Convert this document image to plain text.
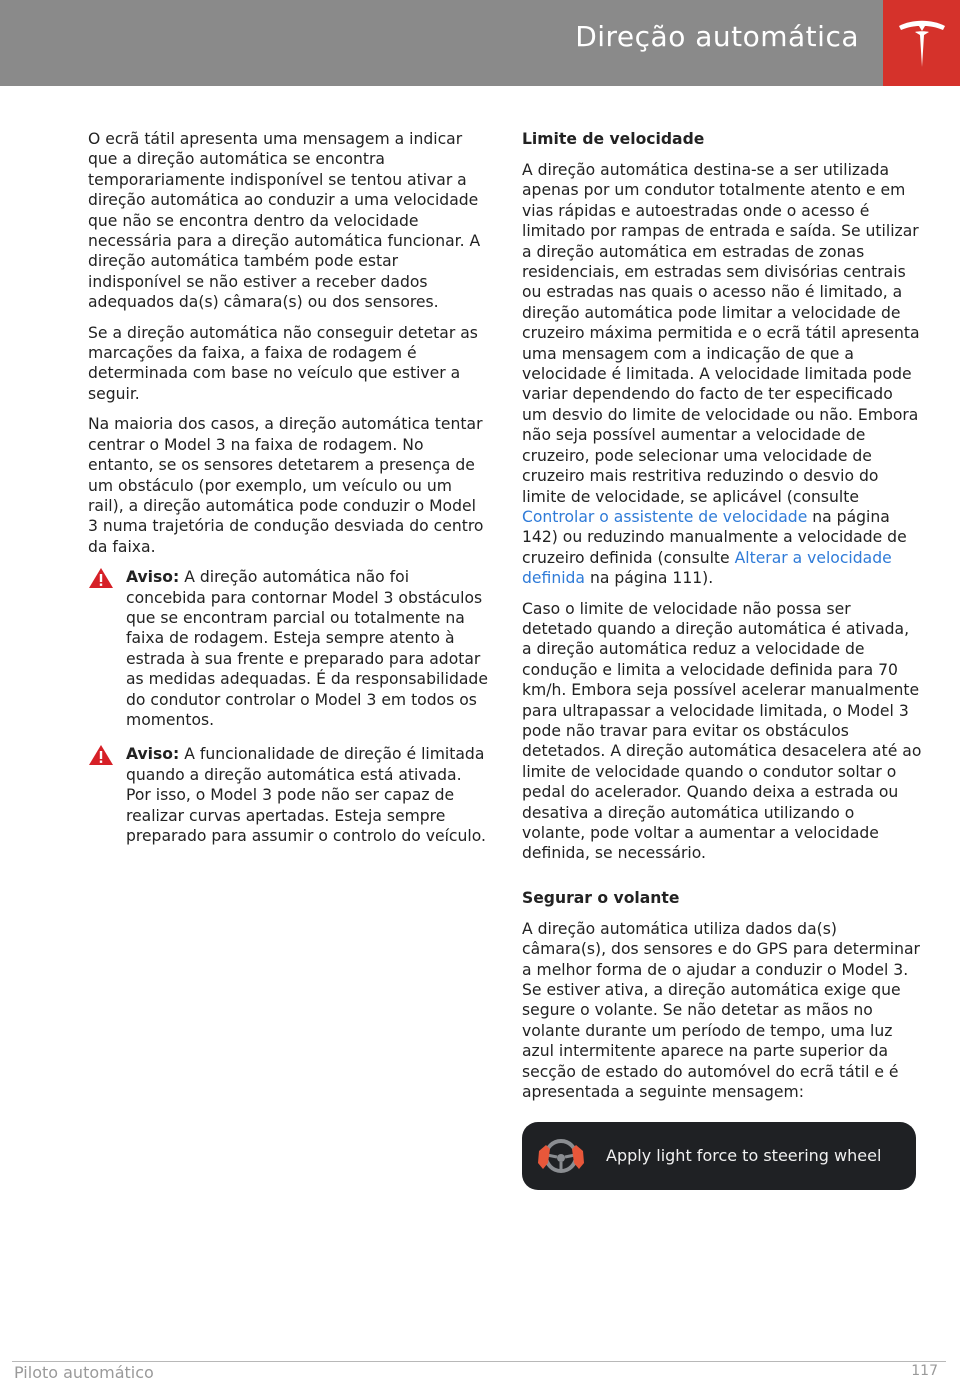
Direção automática

O ecrã tátil apresenta uma mensagem a indicar que a direção automática se encontra temporariamente indisponível se tentou ativar a direção automática ao conduzir a uma velocidade que não se encontra dentro da velocidade necessária para a direção automática funcionar. A direção automática também pode estar indisponível se não estiver a receber dados adequados da(s) câmara(s) ou dos sensores.

Se a direção automática não conseguir detetar as marcações da faixa, a faixa de rodagem é determinada com base no veículo que estiver a seguir.

Na maioria dos casos, a direção automática tentar centrar o Model 3 na faixa de rodagem. No entanto, se os sensores detetarem a presença de um obstáculo (por exemplo, um veículo ou um rail), a direção automática pode conduzir o Model 3 numa trajetória de condução desviada do centro da faixa.

Aviso: A direção automática não foi concebida para contornar Model 3 obstáculos que se encontram parcial ou totalmente na faixa de rodagem. Esteja sempre atento à estrada à sua frente e preparado para adotar as medidas adequadas. É da responsabilidade do condutor controlar o Model 3 em todos os momentos.
Aviso: A funcionalidade de direção é limitada quando a direção automática está ativada. Por isso, o Model 3 pode não ser capaz de realizar curvas apertadas. Esteja sempre preparado para assumir o controlo do veículo.
Limite de velocidade

A direção automática destina-se a ser utilizada apenas por um condutor totalmente atento e em vias rápidas e autoestradas onde o acesso é limitado por rampas de entrada e saída. Se utilizar a direção automática em estradas de zonas residenciais, em estradas sem divisórias centrais ou estradas nas quais o acesso não é limitado, a direção automática pode limitar a velocidade de cruzeiro máxima permitida e o ecrã tátil apresenta uma mensagem com a indicação de que a velocidade é limitada. A velocidade limitada pode variar dependendo do facto de ter especificado um desvio do limite de velocidade ou não. Embora não seja possível aumentar a velocidade de cruzeiro, pode selecionar uma velocidade de cruzeiro mais restritiva reduzindo o desvio do limite de velocidade, se aplicável (consulte Controlar o assistente de velocidade na página 142) ou reduzindo manualmente a velocidade de cruzeiro definida (consulte Alterar a velocidade definida na página 111).

Caso o limite de velocidade não possa ser detetado quando a direção automática é ativada, a direção automática reduz a velocidade de condução e limita a velocidade definida para 70 km/h. Embora seja possível acelerar manualmente para ultrapassar a velocidade limitada, o Model 3 pode não travar para evitar os obstáculos detetados. A direção automática desacelera até ao limite de velocidade quando o condutor soltar o pedal do acelerador. Quando deixa a estrada ou desativa a direção automática utilizando o volante, pode voltar a aumentar a velocidade definida, se necessário.

Segurar o volante

A direção automática utiliza dados da(s) câmara(s), dos sensores e do GPS para determinar a melhor forma de o ajudar a conduzir o Model 3. Se estiver ativa, a direção automática exige que segure o volante. Se não detetar as mãos no volante durante um período de tempo, uma luz azul intermitente aparece na parte superior da secção de estado do automóvel do ecrã tátil e é apresentada a seguinte mensagem:

Apply light force to steering wheel
Piloto automático	117
